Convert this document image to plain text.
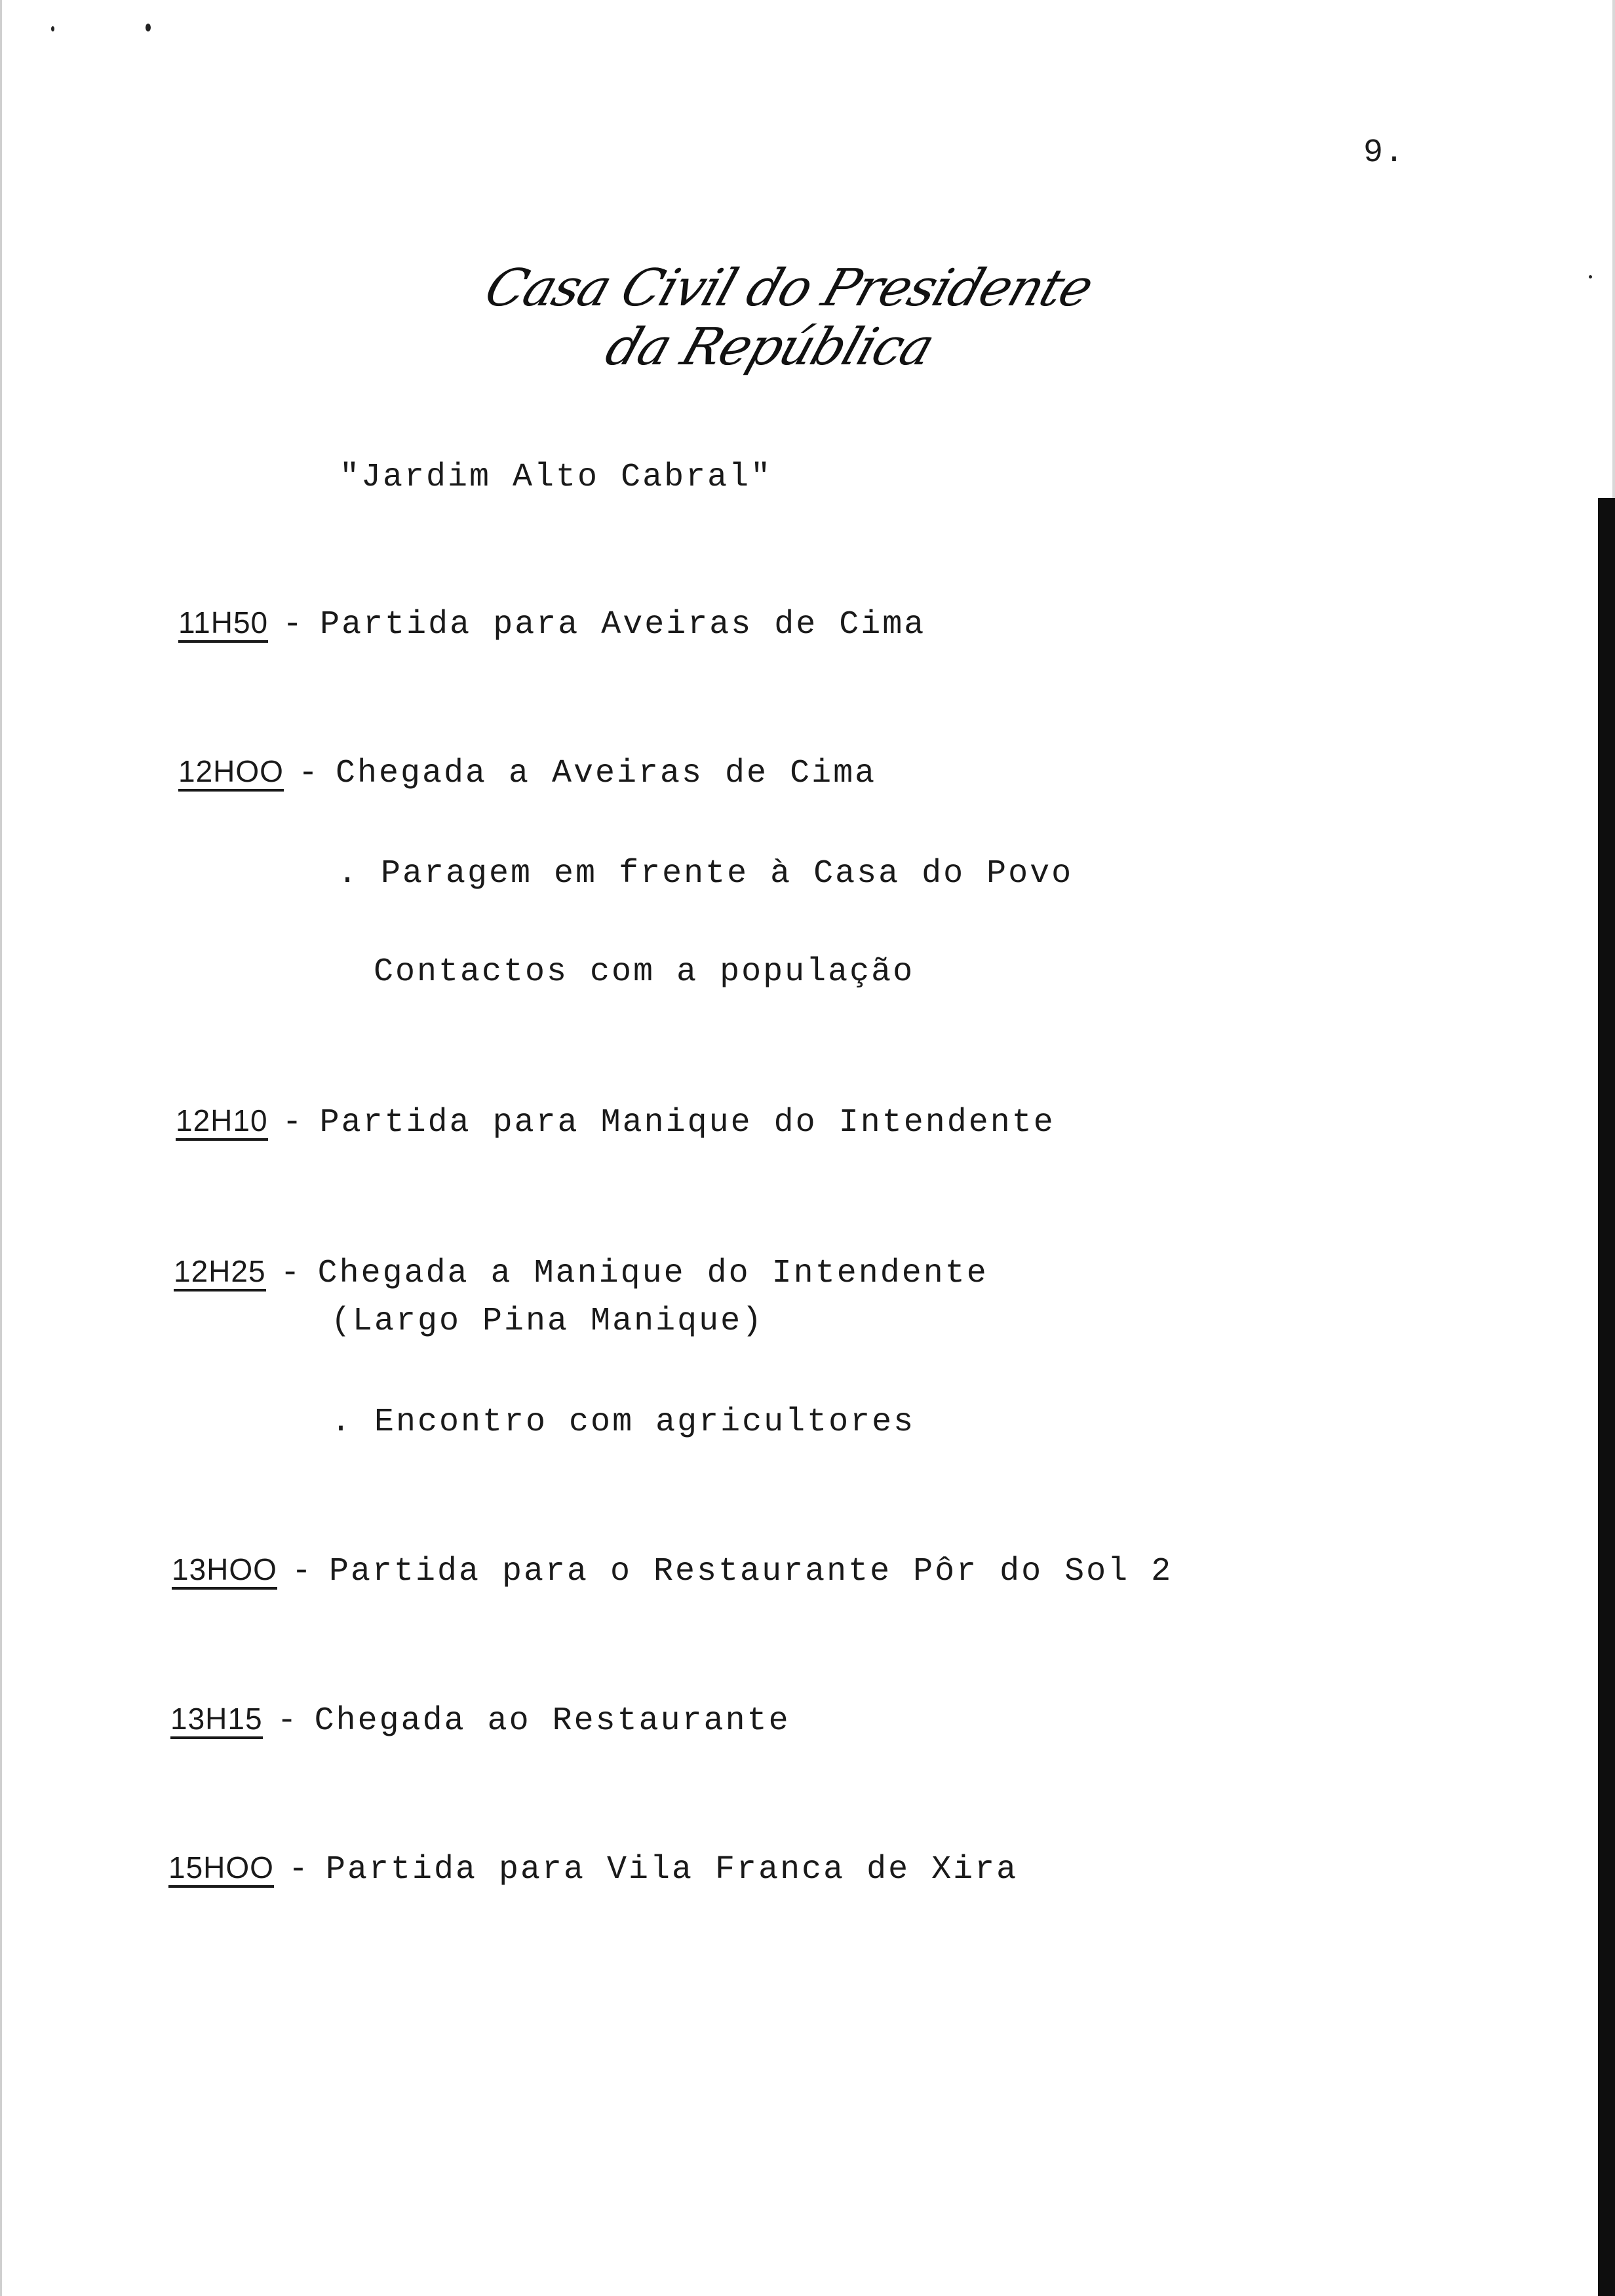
9.
Casa Civil do Presidente da República
"Jardim Alto Cabral"
11H50 - Partida para Aveiras de Cima
12HOO - Chegada a Aveiras de Cima
. Paragem em frente à Casa do Povo
Contactos com a população
12H10 - Partida para Manique do Intendente
12H25 - Chegada a Manique do Intendente
(Largo Pina Manique)
. Encontro com agricultores
13HOO - Partida para o Restaurante Pôr do Sol 2
13H15 - Chegada ao Restaurante
15HOO - Partida para Vila Franca de Xira
